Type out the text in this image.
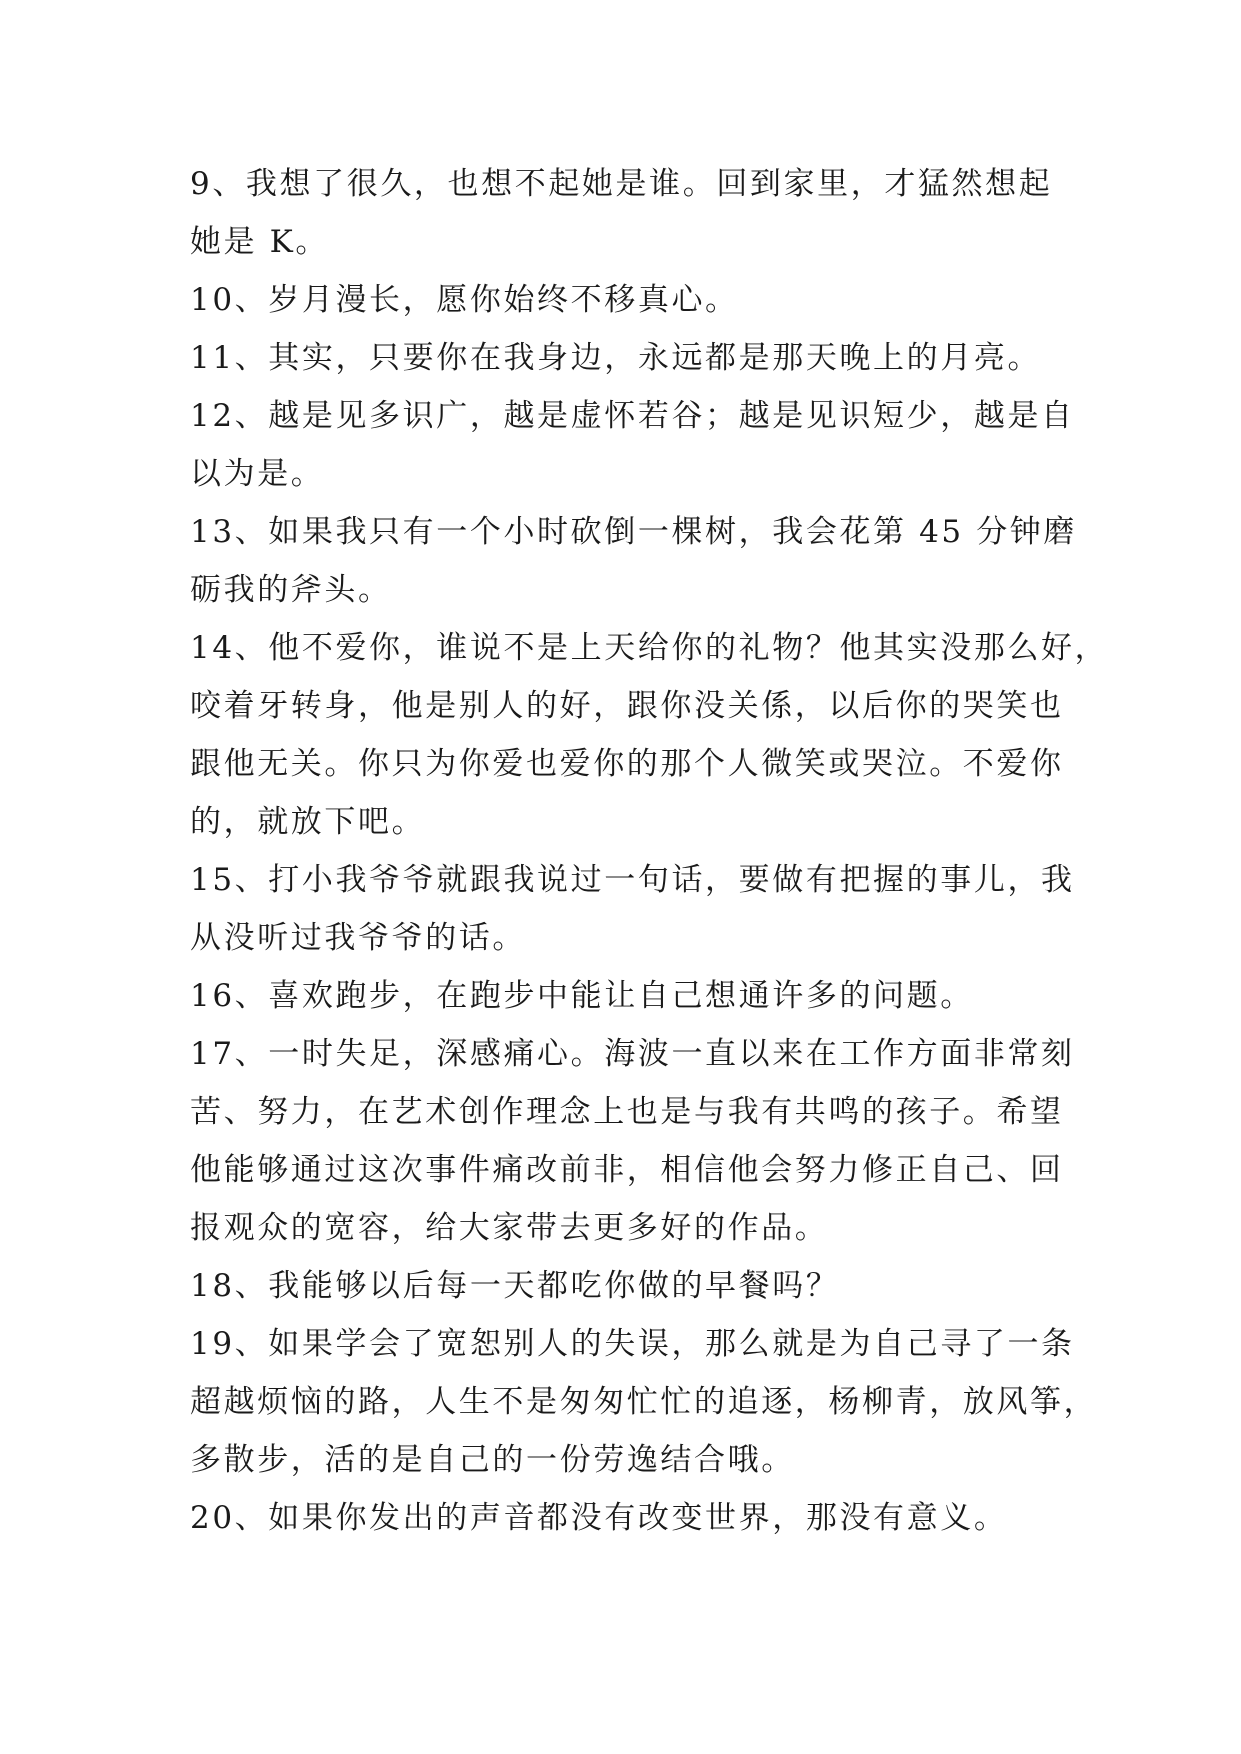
9、我想了很久，也想不起她是谁。回到家里，才猛然想起
她是 K。
10、岁月漫长，愿你始终不移真心。
11、其实，只要你在我身边，永远都是那天晚上的月亮。
12、越是见多识广，越是虚怀若谷；越是见识短少，越是自
以为是。
13、如果我只有一个小时砍倒一棵树，我会花第 45 分钟磨
砺我的斧头。
14、他不爱你，谁说不是上天给你的礼物？他其实没那么好，
咬着牙转身，他是别人的好，跟你没关係，以后你的哭笑也
跟他无关。你只为你爱也爱你的那个人微笑或哭泣。不爱你
的，就放下吧。
15、打小我爷爷就跟我说过一句话，要做有把握的事儿，我
从没听过我爷爷的话。
16、喜欢跑步，在跑步中能让自己想通许多的问题。
17、一时失足，深感痛心。海波一直以来在工作方面非常刻
苦、努力，在艺术创作理念上也是与我有共鸣的孩子。希望
他能够通过这次事件痛改前非，相信他会努力修正自己、回
报观众的宽容，给大家带去更多好的作品。
18、我能够以后每一天都吃你做的早餐吗？
19、如果学会了宽恕别人的失误，那么就是为自己寻了一条
超越烦恼的路，人生不是匆匆忙忙的追逐，杨柳青，放风筝，
多散步，活的是自己的一份劳逸结合哦。
20、如果你发出的声音都没有改变世界，那没有意义。
